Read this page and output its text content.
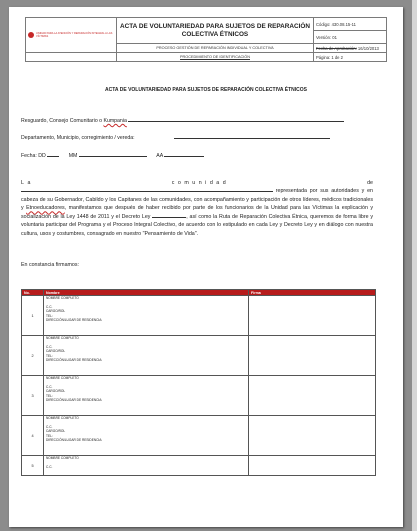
UNIDAD PARA LA ATENCIÓN Y REPARACIÓN INTEGRAL A LAS VÍCTIMAS	ACTA DE VOLUNTARIEDAD PARA SUJETOS DE REPARACIÓN COLECTIVA ÉTNICOS	Código: 430.08.15-11
		Versión: 01
	PROCESO GESTIÓN DE REPARACIÓN INDIVIDUAL Y COLECTIVA	Fecha de Aprobación: 16/10/2013
	PROCEDIMIENTO DE IDENTIFICACIÓN	Página: 1 de 2
ACTA DE VOLUNTARIEDAD PARA SUJETOS DE REPARACIÓN COLECTIVA ÉTNICOS
Resguardo, Consejo Comunitario o Kumpania
Departamento, Municipio, corregimiento / vereda:
Fecha: DD	MM	AA
La	comunidad	de  representada por sus autoridades y en cabeza de su Gobernador, Cabildo y los Capitanes de las comunidades, con acompañamiento y participación de otros líderes, médicos tradicionales y Etnoeducadores, manifestamos que después de haber recibido por parte de los funcionarios de la Unidad para las Víctimas la explicación y socialización de la Ley 1448 de 2011 y el Decreto Ley	, así como la Ruta de Reparación Colectiva Étnica, queremos de forma libre y voluntaria participar del Programa y el Proceso Integral Colectivo, de acuerdo con lo estipulado en cada Ley y Decreto Ley y en diálogo con nuestra cultura, usos y costumbres, consagrado en nuestro "Pensamiento de Vida".
En constancia firmamos:
No.	Nombre	Firma
1	NOMBRE COMPLETO
C.C.
CARGO/ROL
TEL:
DIRECCIÓN/LUGAR DE RESIDENCIA:	

2	NOMBRE COMPLETO
C.C.
CARGO/ROL
TEL:
DIRECCIÓN/LUGAR DE RESIDENCIA:	

3	NOMBRE COMPLETO
C.C.
CARGO/ROL
TEL:
DIRECCIÓN/LUGAR DE RESIDENCIA:	

4	NOMBRE COMPLETO
C.C.
CARGO/ROL
TEL:
DIRECCIÓN/LUGAR DE RESIDENCIA:	

5	NOMBRE COMPLETO
C.C.	
